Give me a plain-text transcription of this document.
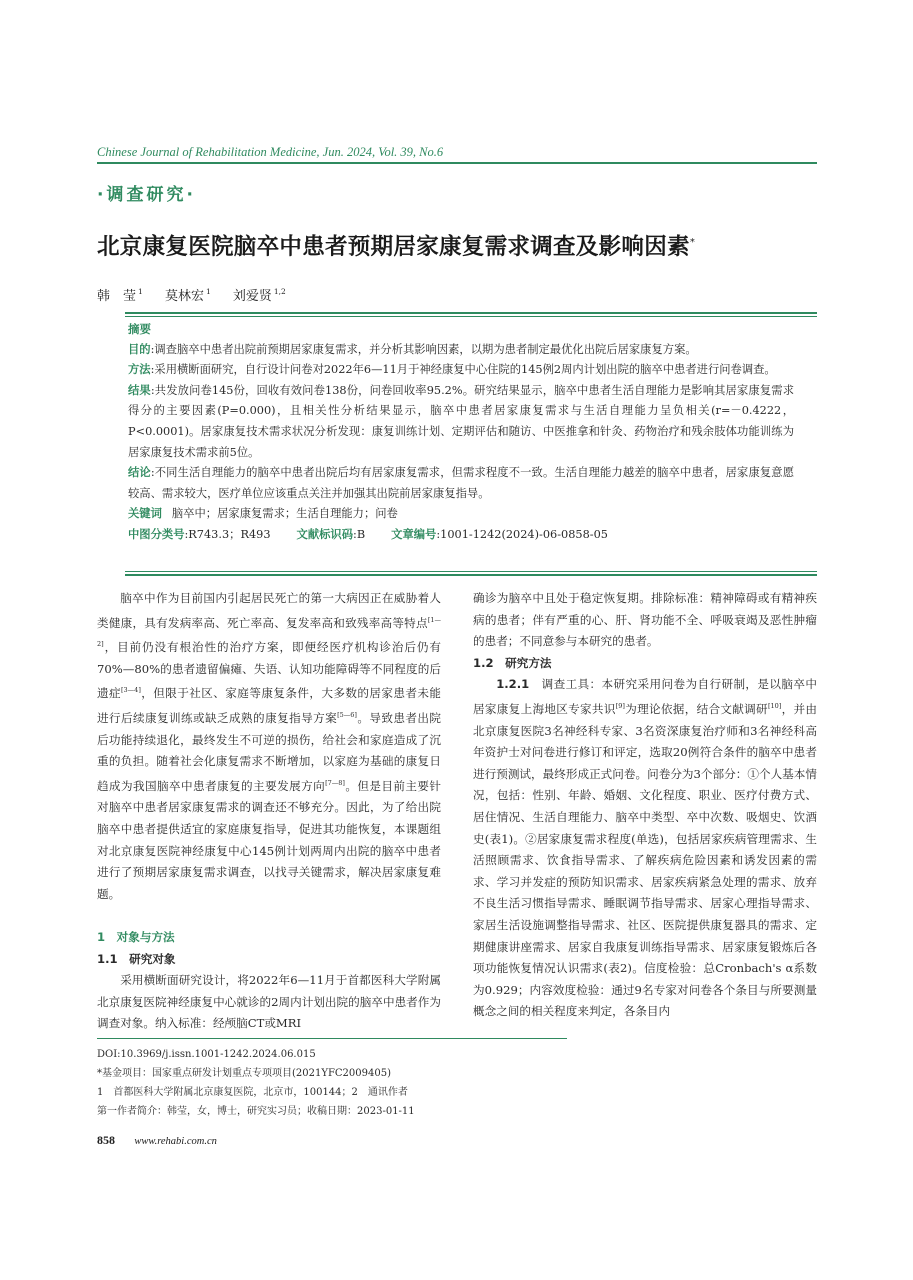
Chinese Journal of Rehabilitation Medicine, Jun. 2024, Vol. 39, No.6
·调查研究·
北京康复医院脑卒中患者预期居家康复需求调查及影响因素*
韩　莹 $^1$ 莫林宏 $^1$ 刘爱贤 $^{1,2}$
摘要

目的:调查脑卒中患者出院前预期居家康复需求，并分析其影响因素，以期为患者制定最优化出院后居家康复方案。

方法:采用横断面研究，自行设计问卷对2022年6—11月于神经康复中心住院的145例2周内计划出院的脑卒中患者进行问卷调查。

结果:共发放问卷145份，回收有效问卷138份，问卷回收率95.2%。研究结果显示，脑卒中患者生活自理能力是影响其居家康复需求得分的主要因素(P=0.000)，且相关性分析结果显示，脑卒中患者居家康复需求与生活自理能力呈负相关(r=－0.4222，P<0.0001)。居家康复技术需求状况分析发现：康复训练计划、定期评估和随访、中医推拿和针灸、药物治疗和残余肢体功能训练为居家康复技术需求前5位。

结论:不同生活自理能力的脑卒中患者出院后均有居家康复需求，但需求程度不一致。生活自理能力越差的脑卒中患者，居家康复意愿较高、需求较大，医疗单位应该重点关注并加强其出院前居家康复指导。

关键词 脑卒中；居家康复需求；生活自理能力；问卷

中图分类号:R743.3；R493 文献标识码:B 文章编号:1001-1242(2024)-06-0858-05

脑卒中作为目前国内引起居民死亡的第一大病因正在威胁着人类健康，具有发病率高、死亡率高、复发率高和致残率高等特点[1—2]，目前仍没有根治性的治疗方案，即便经医疗机构诊治后仍有70%—80%的患者遗留偏瘫、失语、认知功能障碍等不同程度的后遗症[3—4]，但限于社区、家庭等康复条件，大多数的居家患者未能进行后续康复训练或缺乏成熟的康复指导方案[5—6]。导致患者出院后功能持续退化，最终发生不可逆的损伤，给社会和家庭造成了沉重的负担。随着社会化康复需求不断增加，以家庭为基础的康复日趋成为我国脑卒中患者康复的主要发展方向[7—8]。但是目前主要针对脑卒中患者居家康复需求的调查还不够充分。因此，为了给出院脑卒中患者提供适宜的家庭康复指导，促进其功能恢复，本课题组对北京康复医院神经康复中心145例计划两周内出院的脑卒中患者进行了预期居家康复需求调查，以找寻关键需求，解决居家康复难题。

1　对象与方法

1.1　研究对象

采用横断面研究设计，将2022年6—11月于首都医科大学附属北京康复医院神经康复中心就诊的2周内计划出院的脑卒中患者作为调查对象。纳入标准：经颅脑CT或MRI

确诊为脑卒中且处于稳定恢复期。排除标准：精神障碍或有精神疾病的患者；伴有严重的心、肝、肾功能不全、呼吸衰竭及恶性肿瘤的患者；不同意参与本研究的患者。

1.2　研究方法

1.2.1　调查工具：本研究采用问卷为自行研制，是以脑卒中居家康复上海地区专家共识[9]为理论依据，结合文献调研[10]，并由北京康复医院3名神经科专家、3名资深康复治疗师和3名神经科高年资护士对问卷进行修订和评定，选取20例符合条件的脑卒中患者进行预测试，最终形成正式问卷。问卷分为3个部分：①个人基本情况，包括：性别、年龄、婚姻、文化程度、职业、医疗付费方式、居住情况、生活自理能力、脑卒中类型、卒中次数、吸烟史、饮酒史(表1)。②居家康复需求程度(单选)，包括居家疾病管理需求、生活照顾需求、饮食指导需求、了解疾病危险因素和诱发因素的需求、学习并发症的预防知识需求、居家疾病紧急处理的需求、放弃不良生活习惯指导需求、睡眠调节指导需求、居家心理指导需求、家居生活设施调整指导需求、社区、医院提供康复器具的需求、定期健康讲座需求、居家自我康复训练指导需求、居家康复锻炼后各项功能恢复情况认识需求(表2)。信度检验：总Cronbach's α系数为0.929；内容效度检验：通过9名专家对问卷各个条目与所要测量概念之间的相关程度来判定，各条目内

DOI:10.3969/j.issn.1001-1242.2024.06.015

*基金项目：国家重点研发计划重点专项项目(2021YFC2009405)

1　首都医科大学附属北京康复医院，北京市，100144；2　通讯作者

第一作者简介：韩莹，女，博士，研究实习员；收稿日期：2023-01-11

858 www.rehabi.com.cn
